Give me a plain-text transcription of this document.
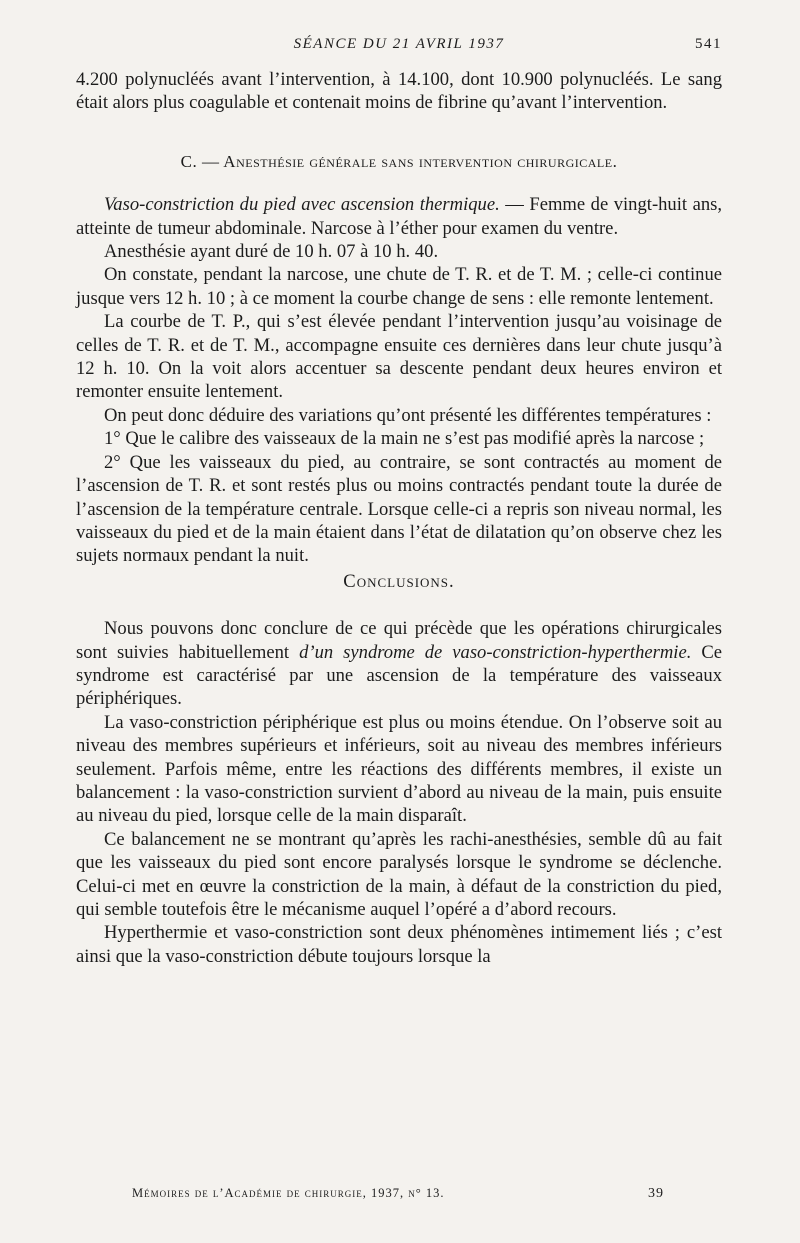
SÉANCE DU 21 AVRIL 1937	541

4.200 polynucléés avant l’intervention, à 14.100, dont 10.900 polynucléés. Le sang était alors plus coagulable et contenait moins de fibrine qu’avant l’intervention.

C. — Anesthésie générale sans intervention chirurgicale.

Vaso-constriction du pied avec ascension thermique. — Femme de vingt-huit ans, atteinte de tumeur abdominale. Narcose à l’éther pour examen du ventre.

Anesthésie ayant duré de 10 h. 07 à 10 h. 40.

On constate, pendant la narcose, une chute de T. R. et de T. M. ; celle-ci continue jusque vers 12 h. 10 ; à ce moment la courbe change de sens : elle remonte lentement.

La courbe de T. P., qui s’est élevée pendant l’intervention jusqu’au voisinage de celles de T. R. et de T. M., accompagne ensuite ces dernières dans leur chute jusqu’à 12 h. 10. On la voit alors accentuer sa descente pendant deux heures environ et remonter ensuite lentement.

On peut donc déduire des variations qu’ont présenté les différentes températures :

1° Que le calibre des vaisseaux de la main ne s’est pas modifié après la narcose ;

2° Que les vaisseaux du pied, au contraire, se sont contractés au moment de l’ascension de T. R. et sont restés plus ou moins contractés pendant toute la durée de l’ascension de la température centrale. Lorsque celle-ci a repris son niveau normal, les vaisseaux du pied et de la main étaient dans l’état de dilatation qu’on observe chez les sujets normaux pendant la nuit.

Conclusions.

Nous pouvons donc conclure de ce qui précède que les opérations chirurgicales sont suivies habituellement d’un syndrome de vaso-constriction-hyperthermie. Ce syndrome est caractérisé par une ascension de la température des vaisseaux périphériques.

La vaso-constriction périphérique est plus ou moins étendue. On l’observe soit au niveau des membres supérieurs et inférieurs, soit au niveau des membres inférieurs seulement. Parfois même, entre les réactions des différents membres, il existe un balancement : la vaso-constriction survient d’abord au niveau de la main, puis ensuite au niveau du pied, lorsque celle de la main disparaît.

Ce balancement ne se montrant qu’après les rachi-anesthésies, semble dû au fait que les vaisseaux du pied sont encore paralysés lorsque le syndrome se déclenche. Celui-ci met en œuvre la constriction de la main, à défaut de la constriction du pied, qui semble toutefois être le mécanisme auquel l’opéré a d’abord recours.

Hyperthermie et vaso-constriction sont deux phénomènes intimement liés ; c’est ainsi que la vaso-constriction débute toujours lorsque la

Mémoires de l’Académie de chirurgie, 1937, n° 13.	39
